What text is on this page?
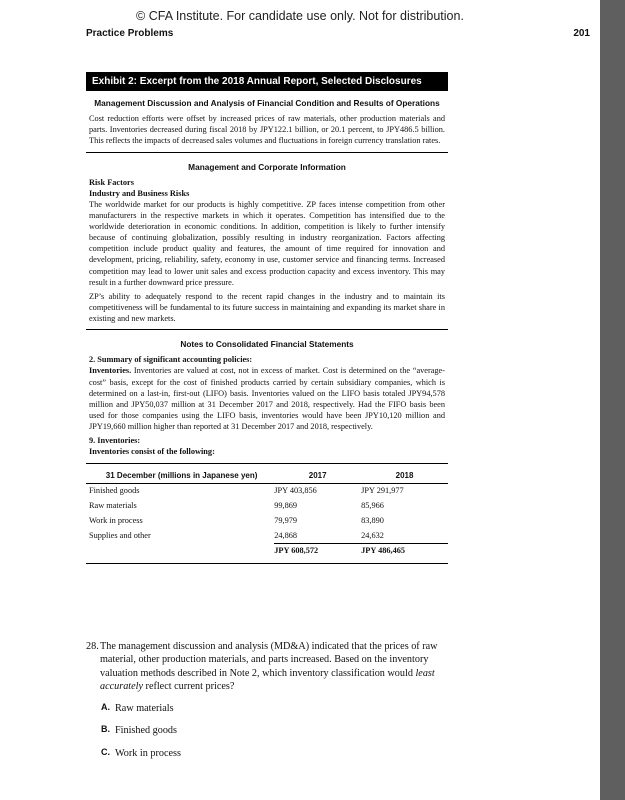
© CFA Institute. For candidate use only. Not for distribution.
Practice Problems	201
Exhibit 2: Excerpt from the 2018 Annual Report, Selected Disclosures
Management Discussion and Analysis of Financial Condition and Results of Operations

Cost reduction efforts were offset by increased prices of raw materials, other production materials and parts. Inventories decreased during fiscal 2018 by JPY122.1 billion, or 20.1 percent, to JPY486.5 billion. This reflects the impacts of decreased sales volumes and fluctuations in foreign currency translation rates.

Management and Corporate Information
Risk Factors
Industry and Business Risks

The worldwide market for our products is highly competitive. ZP faces intense competition from other manufacturers in the respective markets in which it operates. Competition has intensified due to the worldwide deterioration in economic conditions. In addition, competition is likely to further intensify because of continuing globalization, possibly resulting in industry reorganization. Factors affecting competition include product quality and features, the amount of time required for innovation and development, pricing, reliability, safety, economy in use, customer service and financing terms. Increased competition may lead to lower unit sales and excess production capacity and excess inventory. This may result in a further downward price pressure.

ZP’s ability to adequately respond to the recent rapid changes in the industry and to maintain its competitiveness will be fundamental to its future success in maintaining and expanding its market share in existing and new markets.

Notes to Consolidated Financial Statements
2. Summary of significant accounting policies:

Inventories. Inventories are valued at cost, not in excess of market. Cost is determined on the “average-cost” basis, except for the cost of finished products carried by certain subsidiary companies, which is determined on a last-in, first-out (LIFO) basis. Inventories valued on the LIFO basis totaled JPY94,578 million and JPY50,037 million at 31 December 2017 and 2018, respectively. Had the FIFO basis been used for those companies using the LIFO basis, inventories would have been JPY10,120 million and JPY19,660 million higher than reported at 31 December 2017 and 2018, respectively.

9. Inventories:
Inventories consist of the following:
31 December (millions in Japanese yen)	2017	2018
Finished goods	JPY 403,856	JPY 291,977
Raw materials	99,869	85,966
Work in process	79,979	83,890
Supplies and other	24,868	24,632
	JPY 608,572	JPY 486,465
28. The management discussion and analysis (MD&A) indicated that the prices of raw material, other production materials, and parts increased. Based on the inventory valuation methods described in Note 2, which inventory classification would least accurately reflect current prices?
A. Raw materials
B. Finished goods
C. Work in process
